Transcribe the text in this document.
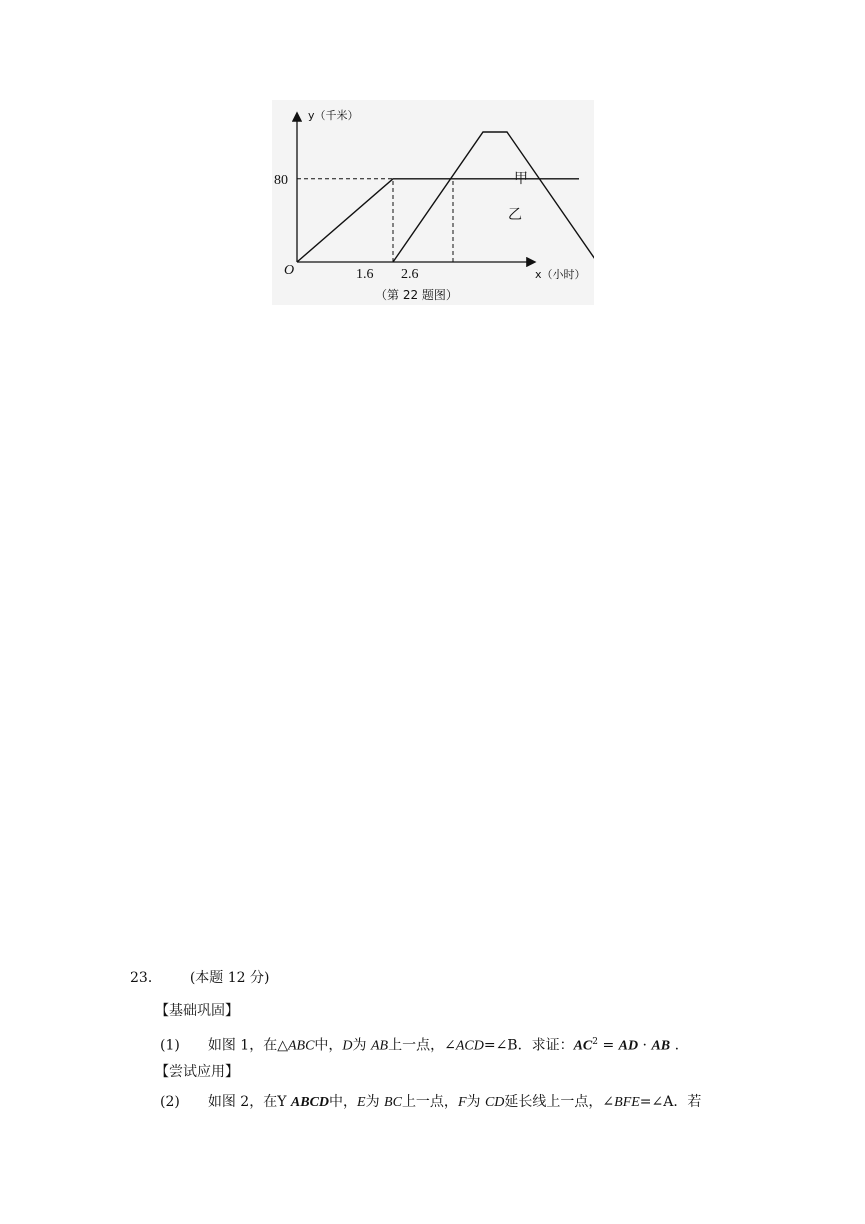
y（千米）
x（小时）
O
80
1.6 2.6
甲
乙
（第 22 题图）
23． (本题 12 分)
【基础巩固】
(1) 如图 1，在△ABC中，D为 AB上一点，∠ACD=∠B．求证：$AC^2$ = AD · AB .
【尝试应用】
(2) 如图 2，在Y ABCD中，E为 BC上一点，F为 CD延长线上一点，∠BFE=∠A．若
